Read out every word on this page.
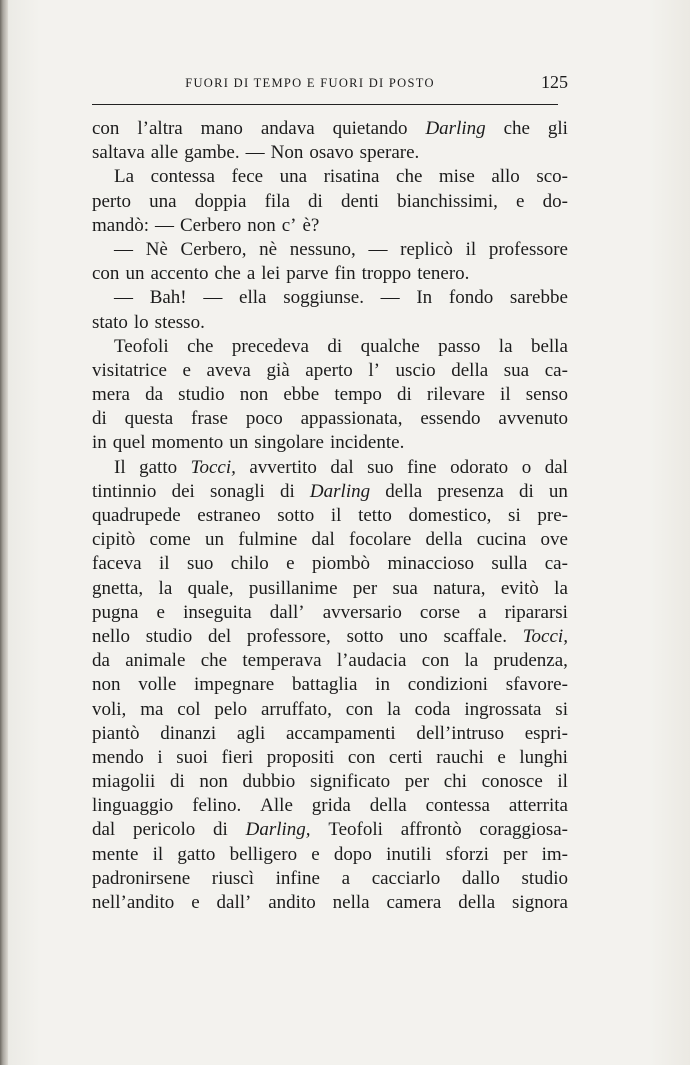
FUORI DI TEMPO E FUORI DI POSTO	125
con l’altra mano andava quietando Darling che gli
saltava alle gambe. — Non osavo sperare.
La contessa fece una risatina che mise allo sco-
perto una doppia fila di denti bianchissimi, e do-
mandò: — Cerbero non c’ è?
— Nè Cerbero, nè nessuno, — replicò il professore
con un accento che a lei parve fin troppo tenero.
— Bah! — ella soggiunse. — In fondo sarebbe
stato lo stesso.
Teofoli che precedeva di qualche passo la bella
visitatrice e aveva già aperto l’ uscio della sua ca-
mera da studio non ebbe tempo di rilevare il senso
di questa frase poco appassionata, essendo avvenuto
in quel momento un singolare incidente.
Il gatto Tocci, avvertito dal suo fine odorato o dal
tintinnio dei sonagli di Darling della presenza di un
quadrupede estraneo sotto il tetto domestico, si pre-
cipitò come un fulmine dal focolare della cucina ove
faceva il suo chilo e piombò minaccioso sulla ca-
gnetta, la quale, pusillanime per sua natura, evitò la
pugna e inseguita dall’ avversario corse a ripararsi
nello studio del professore, sotto uno scaffale. Tocci,
da animale che temperava l’audacia con la prudenza,
non volle impegnare battaglia in condizioni sfavore-
voli, ma col pelo arruffato, con la coda ingrossata si
piantò dinanzi agli accampamenti dell’intruso espri-
mendo i suoi fieri propositi con certi rauchi e lunghi
miagolii di non dubbio significato per chi conosce il
linguaggio felino. Alle grida della contessa atterrita
dal pericolo di Darling, Teofoli affrontò coraggiosa-
mente il gatto belligero e dopo inutili sforzi per im-
padronirsene riuscì infine a cacciarlo dallo studio
nell’andito e dall’ andito nella camera della signora
